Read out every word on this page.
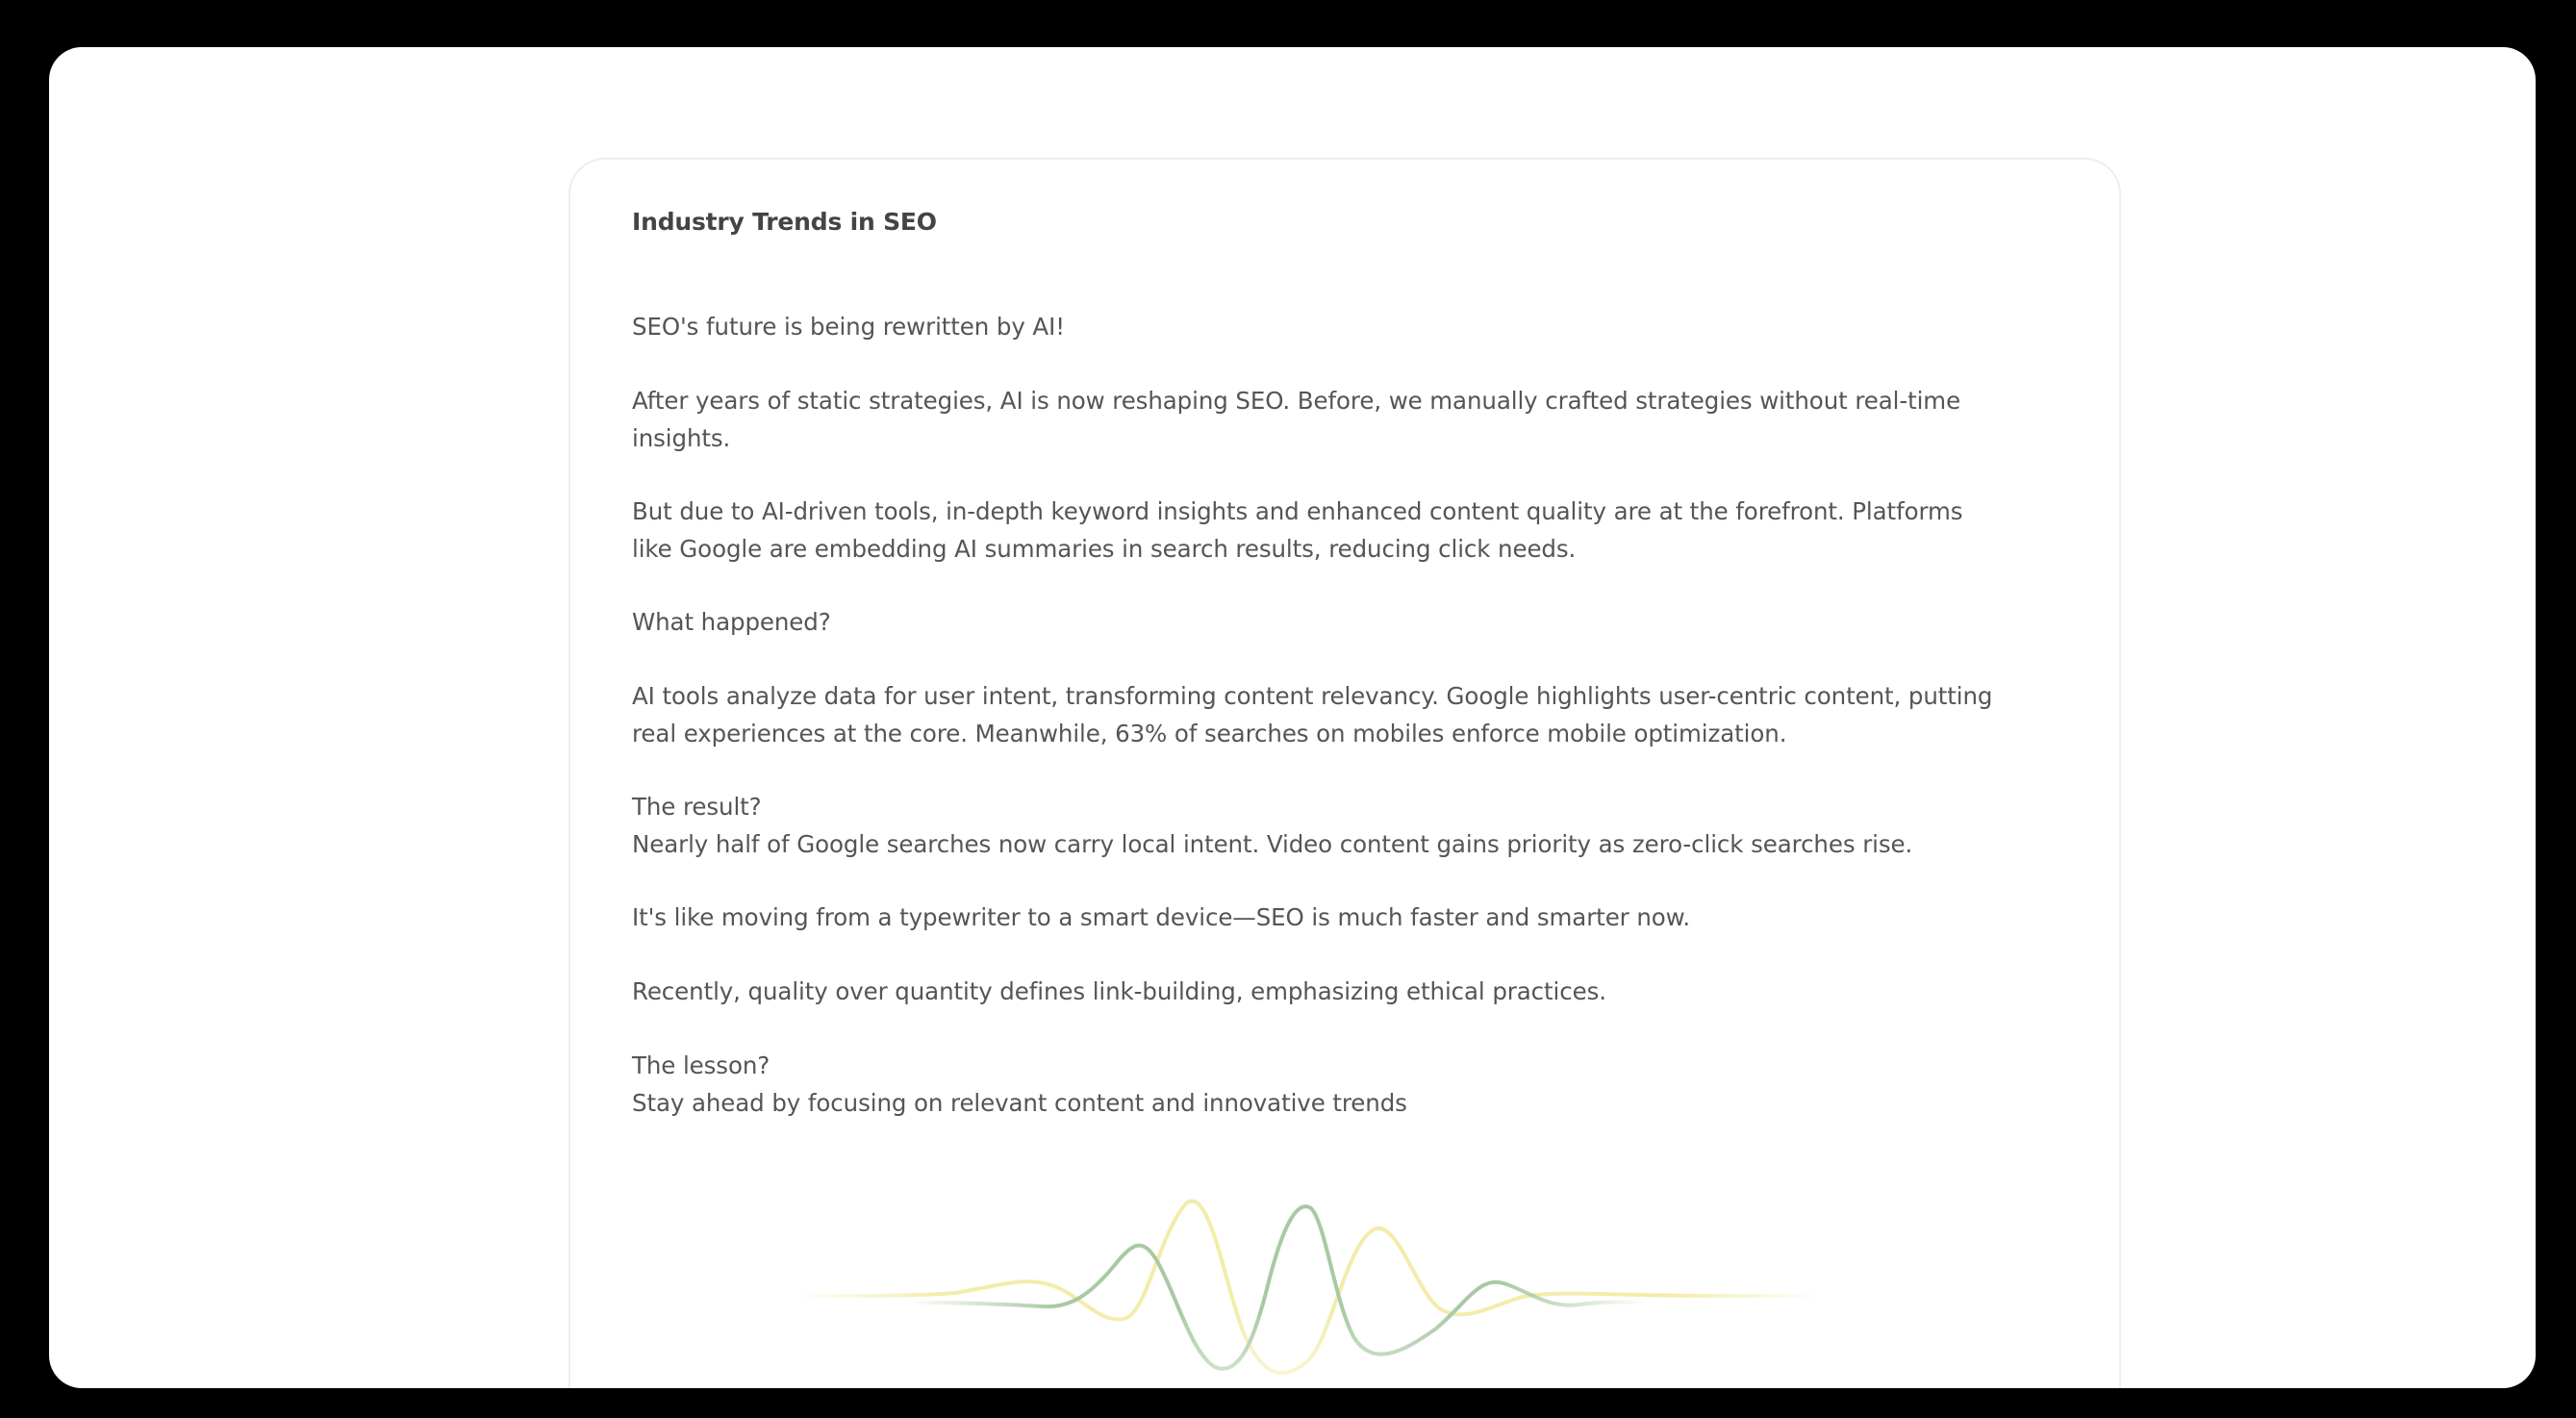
Industry Trends in SEO

SEO's future is being rewritten by AI!

After years of static strategies, AI is now reshaping SEO. Before, we manually crafted strategies without real-time
insights.

But due to AI-driven tools, in-depth keyword insights and enhanced content quality are at the forefront. Platforms
like Google are embedding AI summaries in search results, reducing click needs.

What happened?

AI tools analyze data for user intent, transforming content relevancy. Google highlights user-centric content, putting
real experiences at the core. Meanwhile, 63% of searches on mobiles enforce mobile optimization.

The result?
Nearly half of Google searches now carry local intent. Video content gains priority as zero-click searches rise.

It's like moving from a typewriter to a smart device—SEO is much faster and smarter now.

Recently, quality over quantity defines link-building, emphasizing ethical practices.

The lesson?
Stay ahead by focusing on relevant content and innovative trends
